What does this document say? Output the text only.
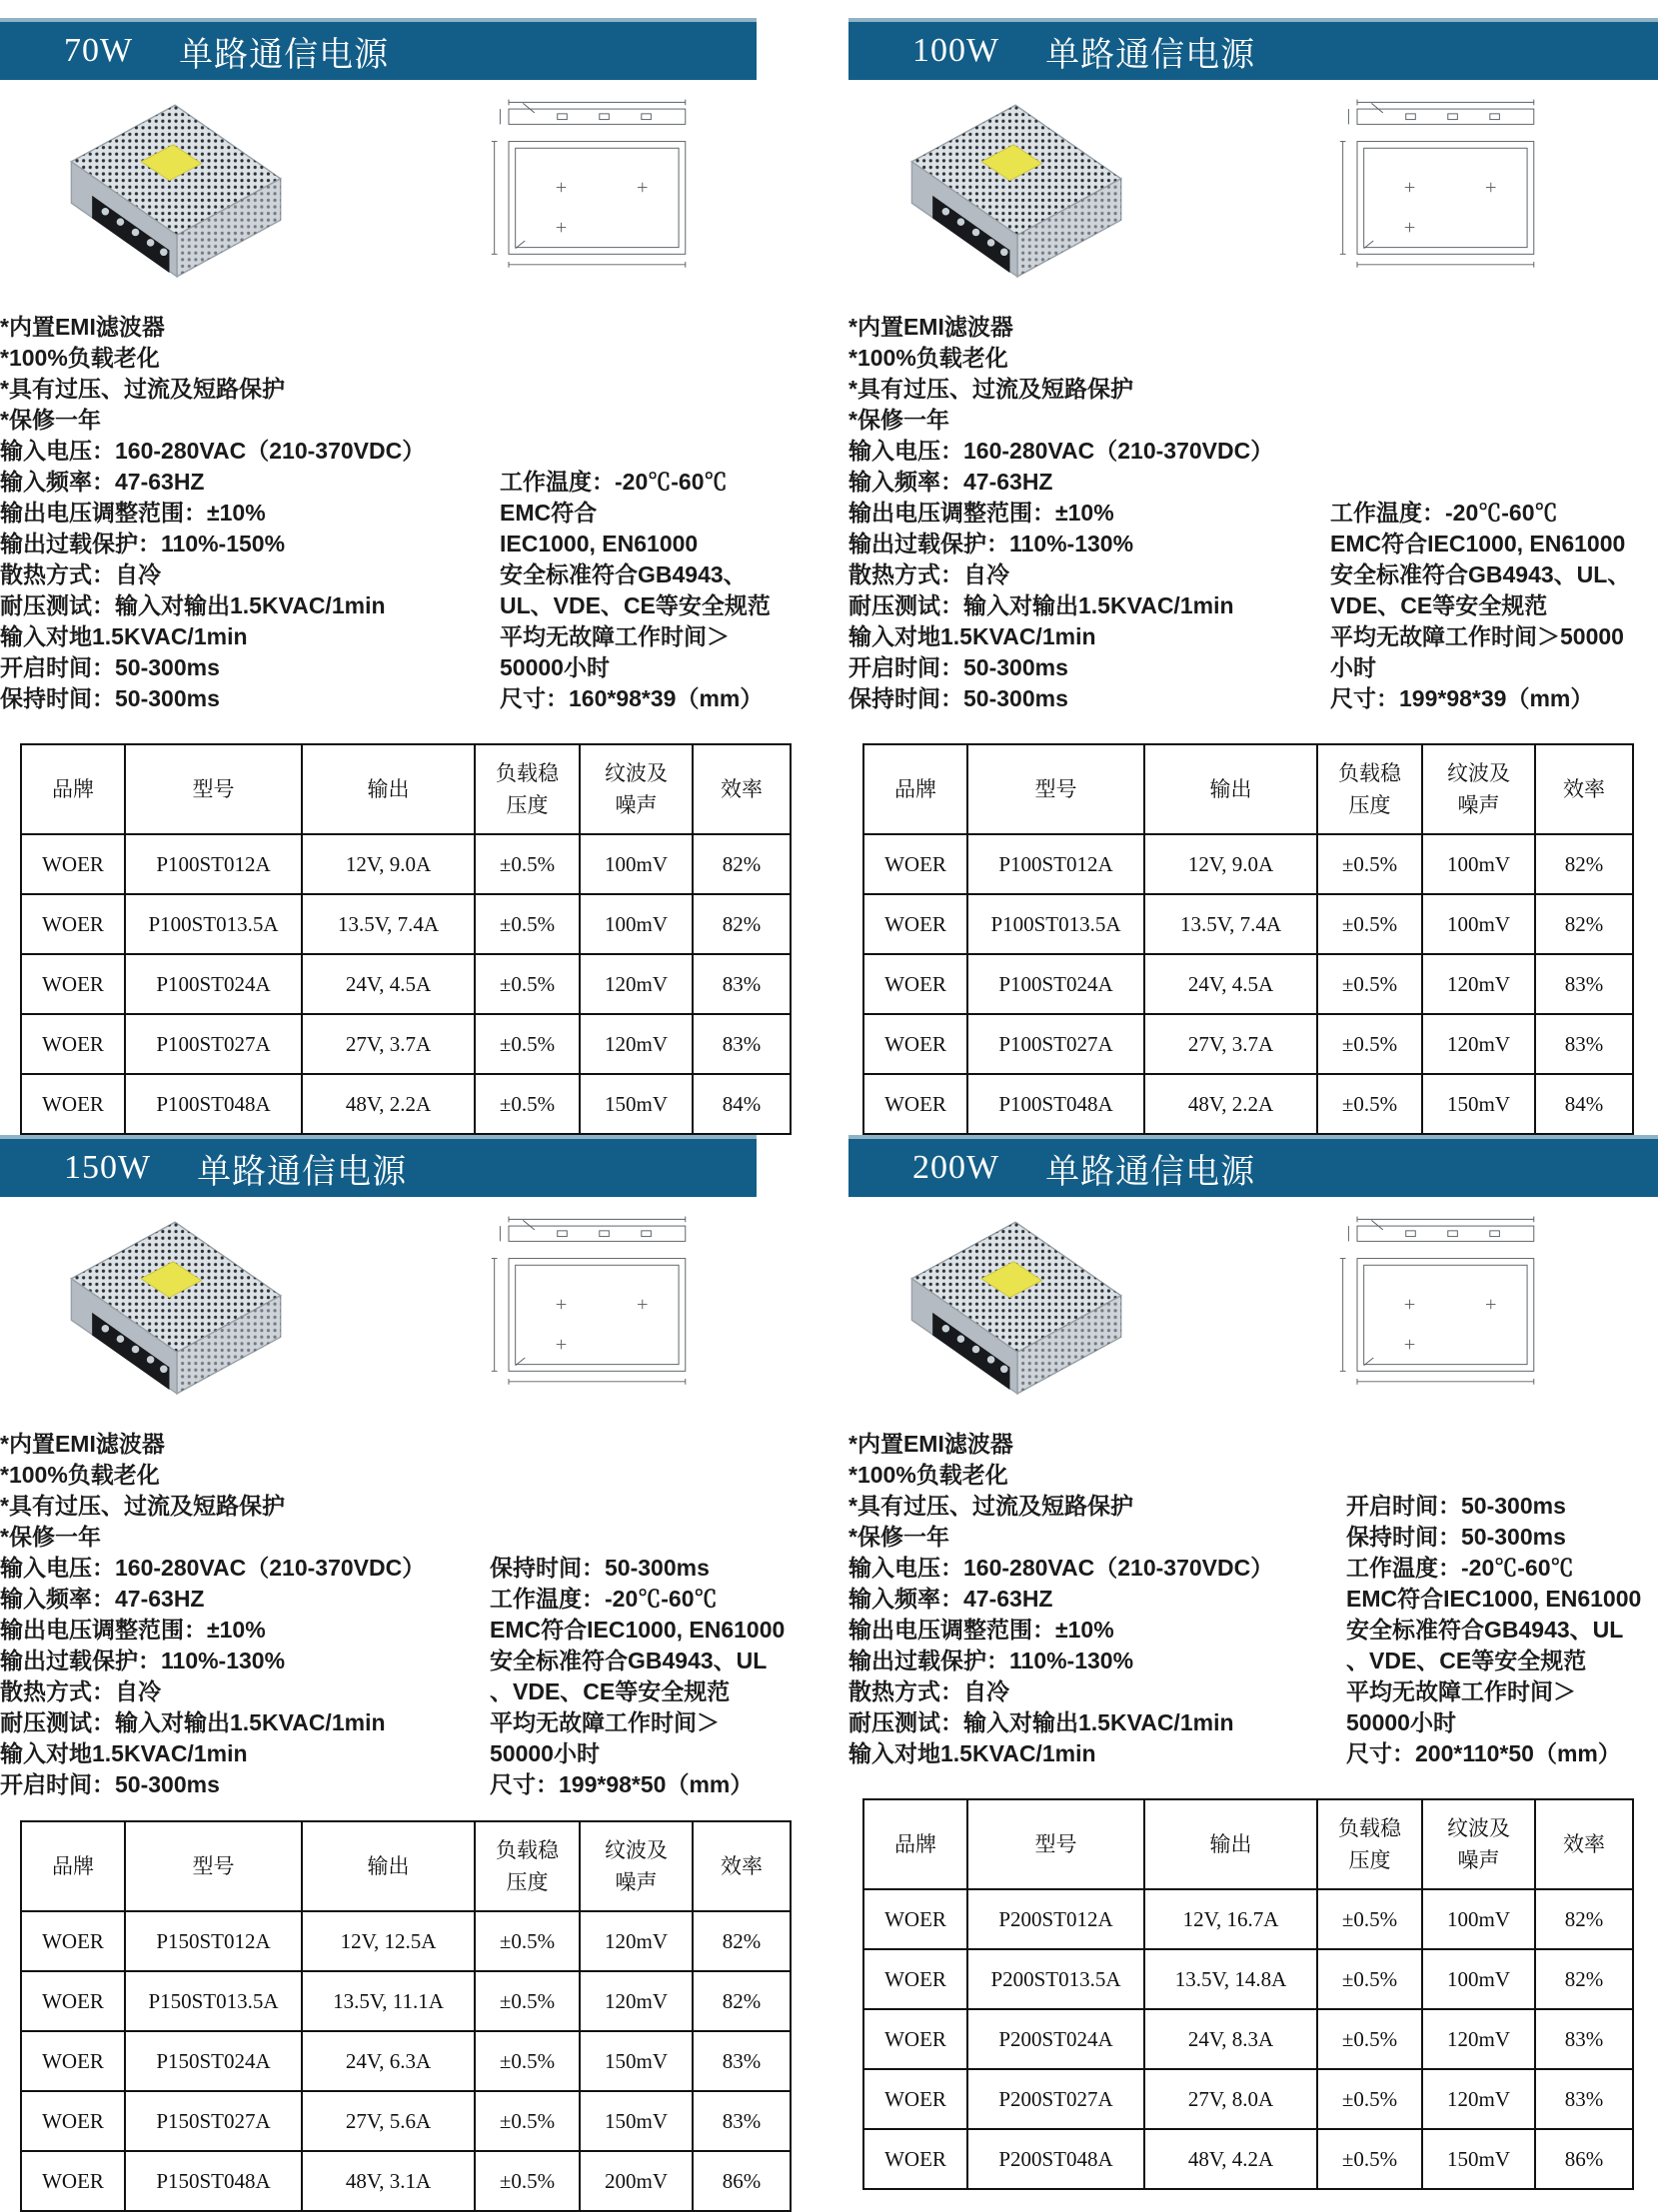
70W 单路通信电源
*内置EMI滤波器
*100%负载老化
*具有过压、过流及短路保护
*保修一年
输入电压：160-280VAC（210-370VDC）
输入频率：47-63HZ
输出电压调整范围：±10%
输出过载保护：110%-150%
散热方式：自冷
耐压测试：输入对输出1.5KVAC/1min
输入对地1.5KVAC/1min
开启时间：50-300ms
保持时间：50-300ms
工作温度：-20℃-60℃
EMC符合
IEC1000, EN61000
安全标准符合GB4943、
UL、VDE、CE等安全规范
平均无故障工作时间＞
50000小时
尺寸：160*98*39（mm）
品牌	型号	输出	负载稳压度	纹波及噪声	效率
WOER	P100ST012A	12V, 9.0A	±0.5%	100mV	82%
WOER	P100ST013.5A	13.5V, 7.4A	±0.5%	100mV	82%
WOER	P100ST024A	24V, 4.5A	±0.5%	120mV	83%
WOER	P100ST027A	27V, 3.7A	±0.5%	120mV	83%
WOER	P100ST048A	48V, 2.2A	±0.5%	150mV	84%
100W 单路通信电源
*内置EMI滤波器
*100%负载老化
*具有过压、过流及短路保护
*保修一年
输入电压：160-280VAC（210-370VDC）
输入频率：47-63HZ
输出电压调整范围：±10%
输出过载保护：110%-130%
散热方式：自冷
耐压测试：输入对输出1.5KVAC/1min
输入对地1.5KVAC/1min
开启时间：50-300ms
保持时间：50-300ms
工作温度：-20℃-60℃
EMC符合IEC1000, EN61000
安全标准符合GB4943、UL、
VDE、CE等安全规范
平均无故障工作时间＞50000
小时
尺寸：199*98*39（mm）
品牌	型号	输出	负载稳压度	纹波及噪声	效率
WOER	P100ST012A	12V, 9.0A	±0.5%	100mV	82%
WOER	P100ST013.5A	13.5V, 7.4A	±0.5%	100mV	82%
WOER	P100ST024A	24V, 4.5A	±0.5%	120mV	83%
WOER	P100ST027A	27V, 3.7A	±0.5%	120mV	83%
WOER	P100ST048A	48V, 2.2A	±0.5%	150mV	84%
150W 单路通信电源
*内置EMI滤波器
*100%负载老化
*具有过压、过流及短路保护
*保修一年
输入电压：160-280VAC（210-370VDC）
输入频率：47-63HZ
输出电压调整范围：±10%
输出过载保护：110%-130%
散热方式：自冷
耐压测试：输入对输出1.5KVAC/1min
输入对地1.5KVAC/1min
开启时间：50-300ms
保持时间：50-300ms
工作温度：-20℃-60℃
EMC符合IEC1000, EN61000
安全标准符合GB4943、UL
、VDE、CE等安全规范
平均无故障工作时间＞
50000小时
尺寸：199*98*50（mm）
品牌	型号	输出	负载稳压度	纹波及噪声	效率
WOER	P150ST012A	12V, 12.5A	±0.5%	120mV	82%
WOER	P150ST013.5A	13.5V, 11.1A	±0.5%	120mV	82%
WOER	P150ST024A	24V, 6.3A	±0.5%	150mV	83%
WOER	P150ST027A	27V, 5.6A	±0.5%	150mV	83%
WOER	P150ST048A	48V, 3.1A	±0.5%	200mV	86%
200W 单路通信电源
*内置EMI滤波器
*100%负载老化
*具有过压、过流及短路保护
*保修一年
输入电压：160-280VAC（210-370VDC）
输入频率：47-63HZ
输出电压调整范围：±10%
输出过载保护：110%-130%
散热方式：自冷
耐压测试：输入对输出1.5KVAC/1min
输入对地1.5KVAC/1min
开启时间：50-300ms
保持时间：50-300ms
工作温度：-20℃-60℃
EMC符合IEC1000, EN61000
安全标准符合GB4943、UL
、VDE、CE等安全规范
平均无故障工作时间＞
50000小时
尺寸：200*110*50（mm）
品牌	型号	输出	负载稳压度	纹波及噪声	效率
WOER	P200ST012A	12V, 16.7A	±0.5%	100mV	82%
WOER	P200ST013.5A	13.5V, 14.8A	±0.5%	100mV	82%
WOER	P200ST024A	24V, 8.3A	±0.5%	120mV	83%
WOER	P200ST027A	27V, 8.0A	±0.5%	120mV	83%
WOER	P200ST048A	48V, 4.2A	±0.5%	150mV	86%
